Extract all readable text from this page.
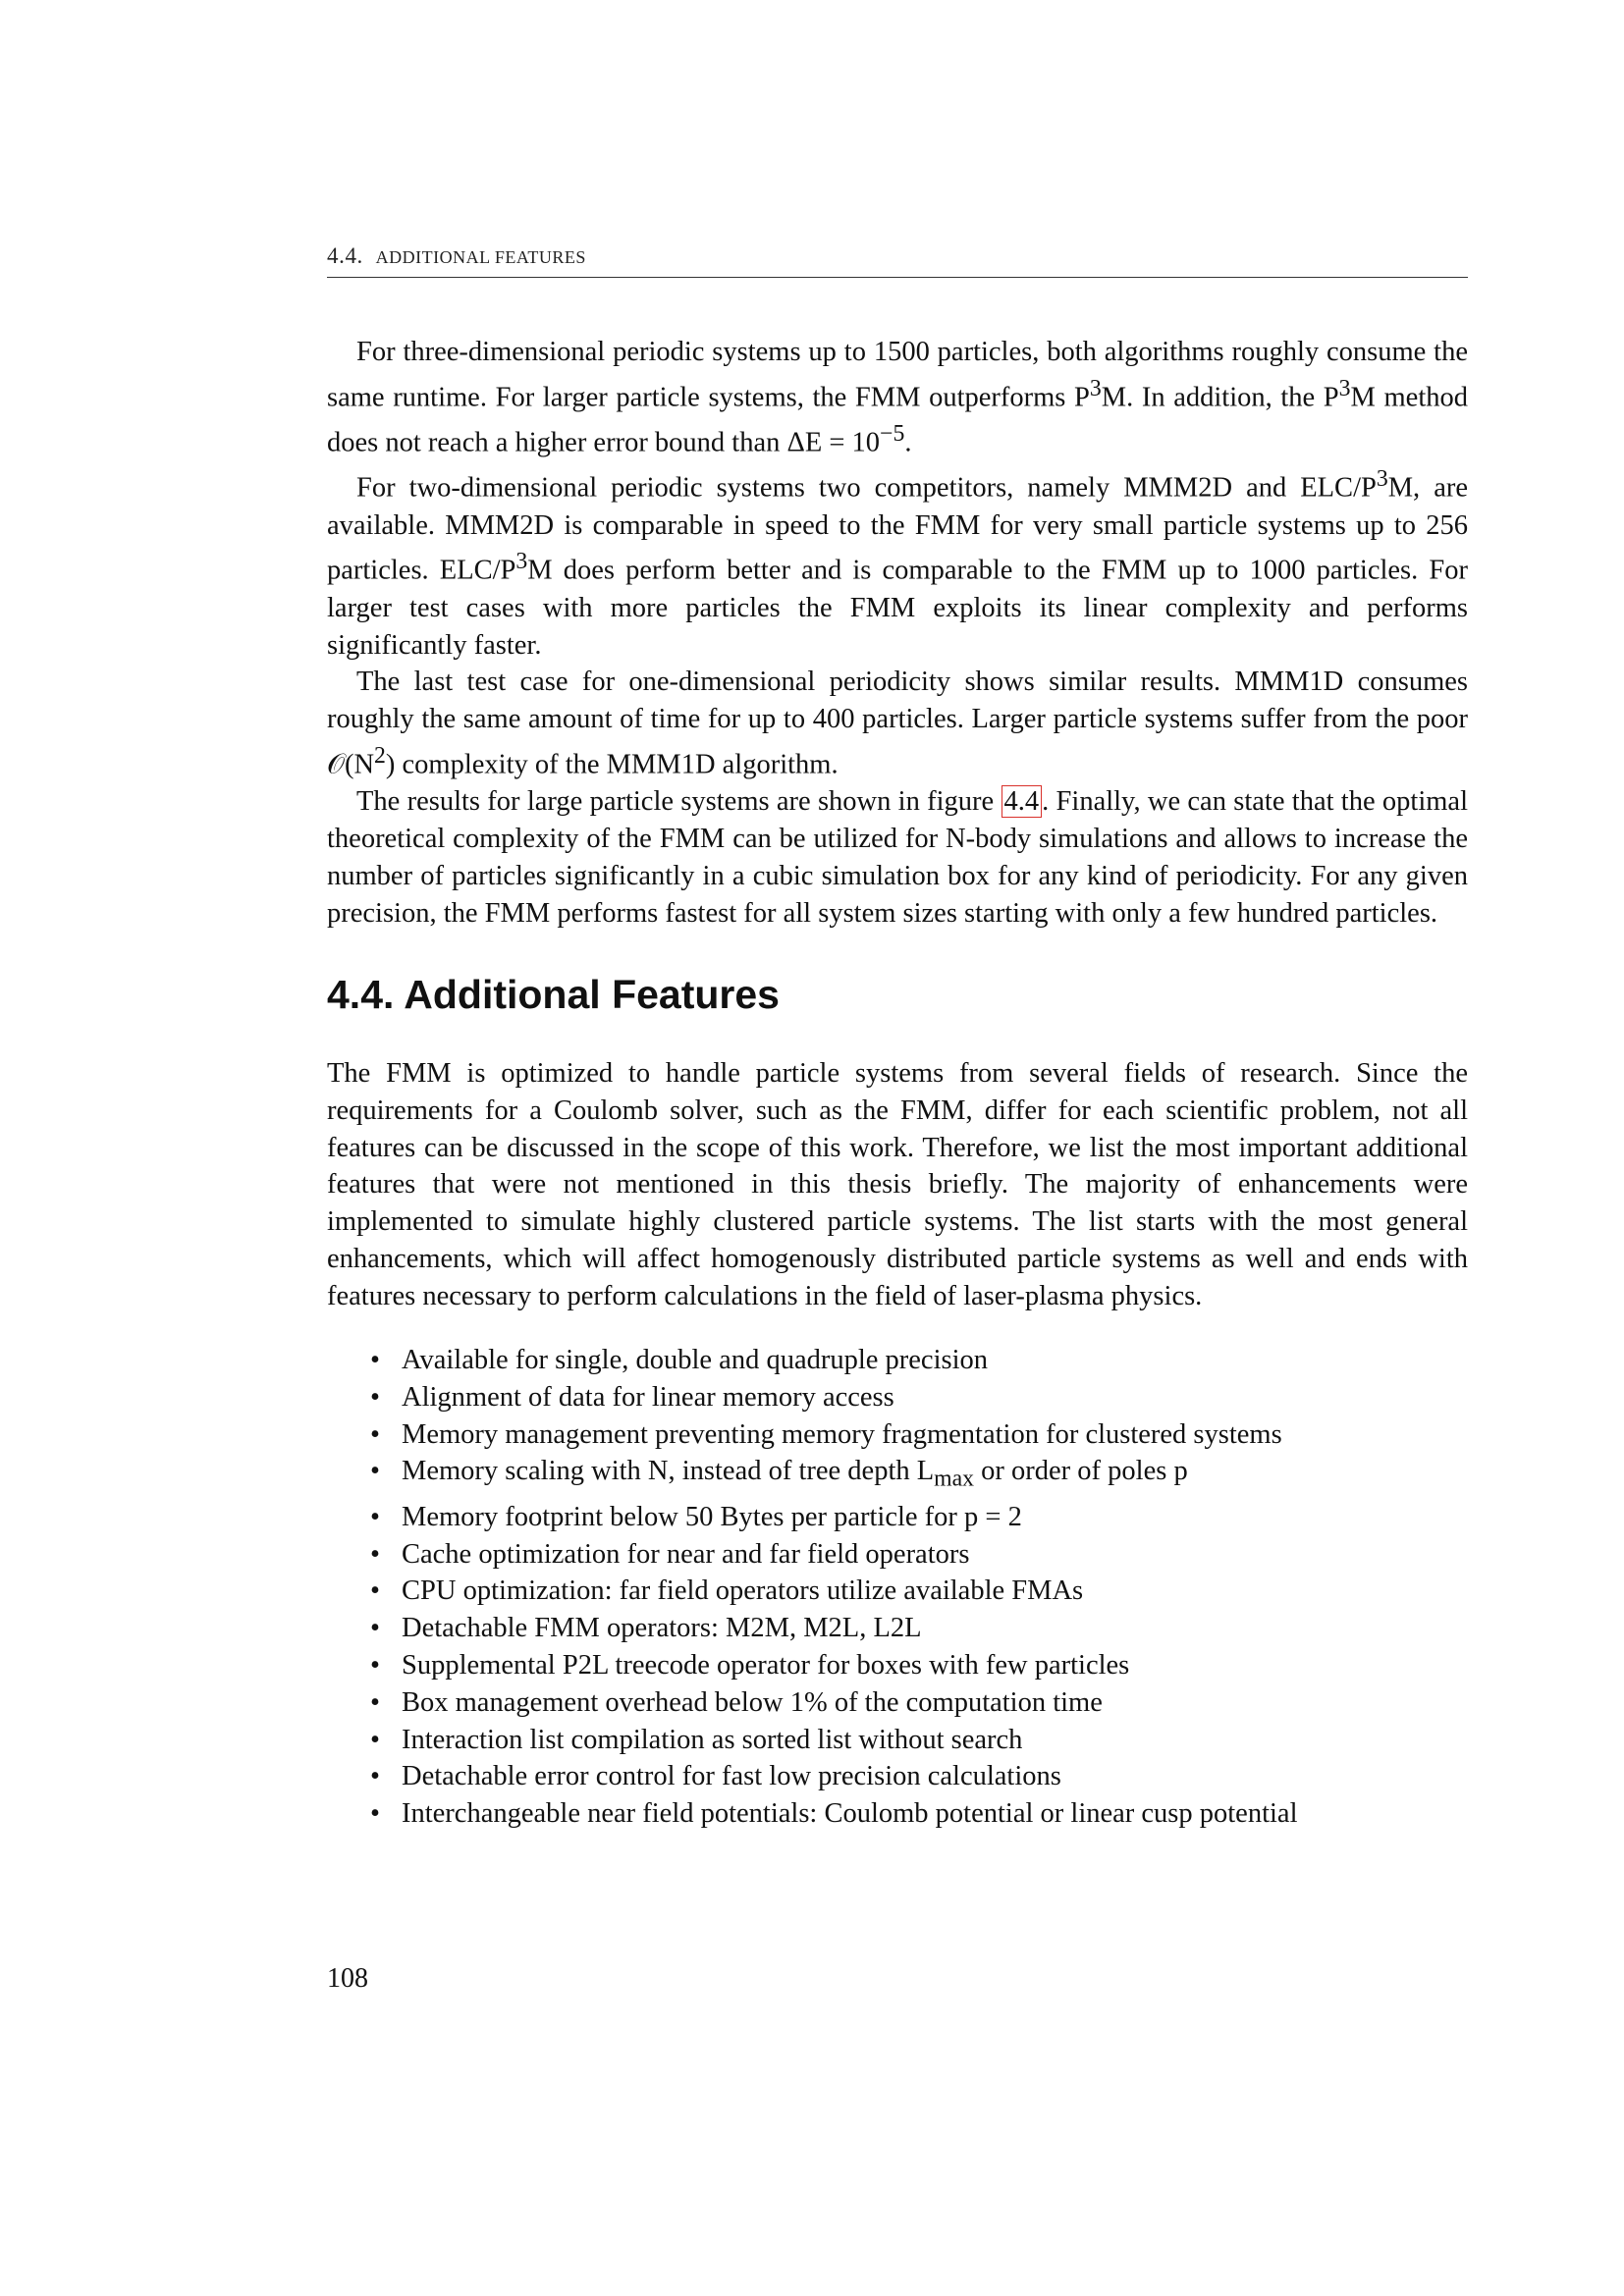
4.4. ADDITIONAL FEATURES

For three-dimensional periodic systems up to 1500 particles, both algorithms roughly consume the same runtime. For larger particle systems, the FMM outperforms $P^3M$. In addition, the $P^3M$ method does not reach a higher error bound than $\Delta E = 10^{-5}$.

For two-dimensional periodic systems two competitors, namely MMM2D and ELC/$P^3M$, are available. MMM2D is comparable in speed to the FMM for very small particle systems up to 256 particles. ELC/$P^3M$ does perform better and is comparable to the FMM up to 1000 particles. For larger test cases with more particles the FMM exploits its linear complexity and performs significantly faster.

The last test case for one-dimensional periodicity shows similar results. MMM1D consumes roughly the same amount of time for up to 400 particles. Larger particle systems suffer from the poor $𝒪(N^2)$ complexity of the MMM1D algorithm.

The results for large particle systems are shown in figure 4.4 . Finally, we can state that the optimal theoretical complexity of the FMM can be utilized for N-body simulations and allows to increase the number of particles significantly in a cubic simulation box for any kind of periodicity. For any given precision, the FMM performs fastest for all system sizes starting with only a few hundred particles.

4.4. Additional Features

The FMM is optimized to handle particle systems from several fields of research. Since the requirements for a Coulomb solver, such as the FMM, differ for each scientific problem, not all features can be discussed in the scope of this work. Therefore, we list the most important additional features that were not mentioned in this thesis briefly. The majority of enhancements were implemented to simulate highly clustered particle systems. The list starts with the most general enhancements, which will affect homogenously distributed particle systems as well and ends with features necessary to perform calculations in the field of laser-plasma physics.

• Available for single, double and quadruple precision
• Alignment of data for linear memory access
• Memory management preventing memory fragmentation for clustered systems
• Memory scaling with N, instead of tree depth $L_{max}$ or order of poles p
• Memory footprint below 50 Bytes per particle for p = 2
• Cache optimization for near and far field operators
• CPU optimization: far field operators utilize available FMAs
• Detachable FMM operators: M2M, M2L, L2L
• Supplemental P2L treecode operator for boxes with few particles
• Box management overhead below 1% of the computation time
• Interaction list compilation as sorted list without search
• Detachable error control for fast low precision calculations
• Interchangeable near field potentials: Coulomb potential or linear cusp potential
108
